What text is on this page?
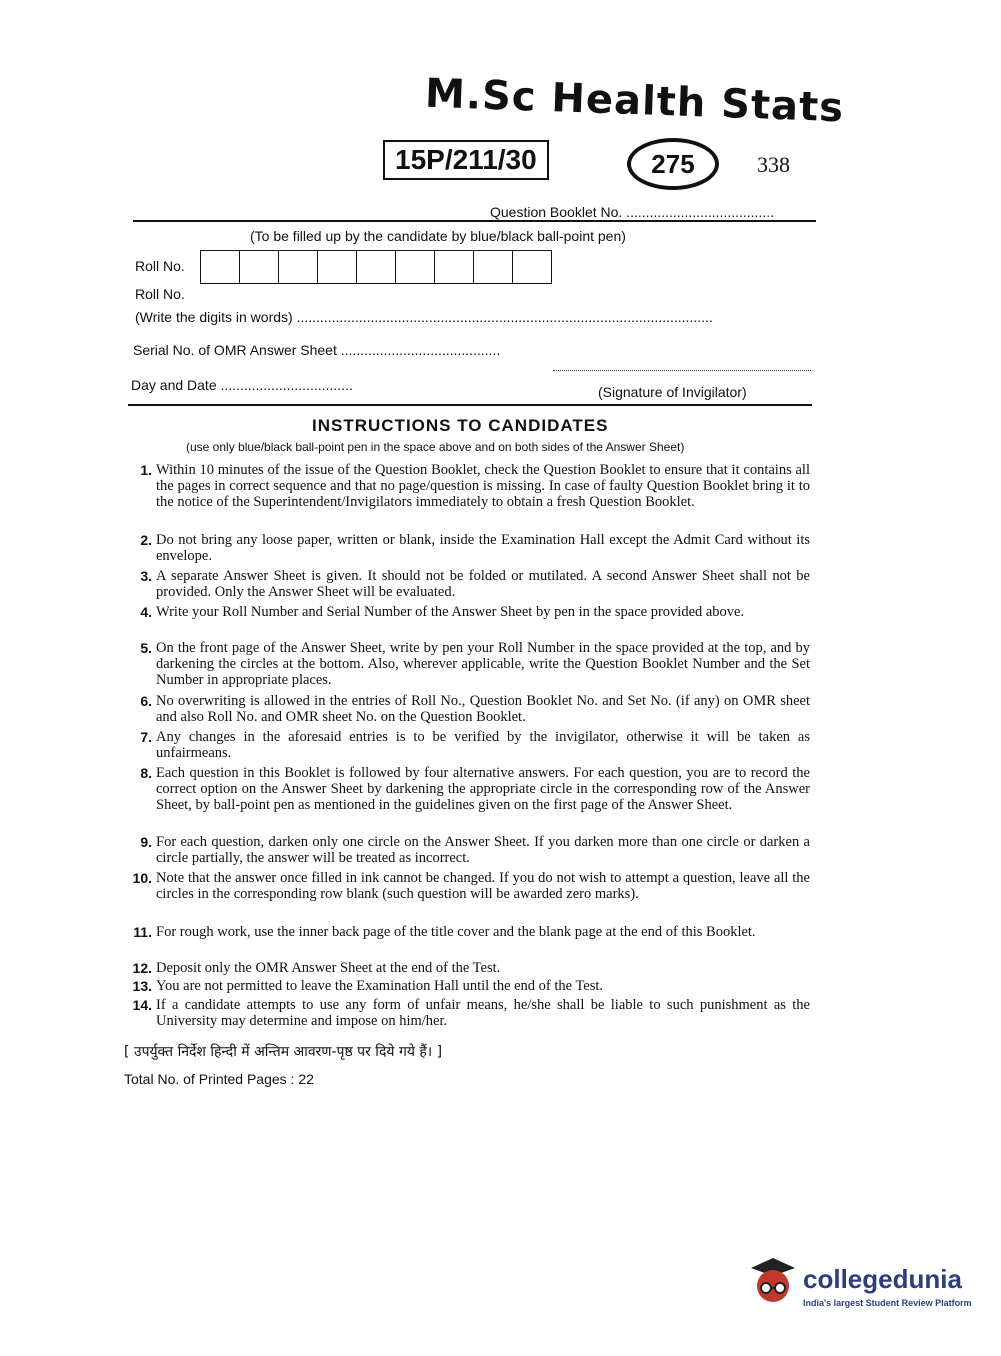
M.Sc Health Stats
15P/211/30	275	338
Question Booklet No. ......................................
(To be filled up by the candidate by blue/black ball-point pen)
Roll No.
Roll No.
(Write the digits in words) ...........................................................................................................
Serial No. of OMR Answer Sheet .........................................
Day and Date ..................................	(Signature of Invigilator)
INSTRUCTIONS TO CANDIDATES
(use only blue/black ball-point pen in the space above and on both sides of the Answer Sheet)
1. Within 10 minutes of the issue of the Question Booklet, check the Question Booklet to ensure that it contains all the pages in correct sequence and that no page/question is missing. In case of faulty Question Booklet bring it to the notice of the Superintendent/Invigilators immediately to obtain a fresh Question Booklet.
2. Do not bring any loose paper, written or blank, inside the Examination Hall except the Admit Card without its envelope.
3. A separate Answer Sheet is given. It should not be folded or mutilated. A second Answer Sheet shall not be provided. Only the Answer Sheet will be evaluated.
4. Write your Roll Number and Serial Number of the Answer Sheet by pen in the space provided above.
5. On the front page of the Answer Sheet, write by pen your Roll Number in the space provided at the top, and by darkening the circles at the bottom. Also, wherever applicable, write the Question Booklet Number and the Set Number in appropriate places.
6. No overwriting is allowed in the entries of Roll No., Question Booklet No. and Set No. (if any) on OMR sheet and also Roll No. and OMR sheet No. on the Question Booklet.
7. Any changes in the aforesaid entries is to be verified by the invigilator, otherwise it will be taken as unfairmeans.
8. Each question in this Booklet is followed by four alternative answers. For each question, you are to record the correct option on the Answer Sheet by darkening the appropriate circle in the corresponding row of the Answer Sheet, by ball-point pen as mentioned in the guidelines given on the first page of the Answer Sheet.
9. For each question, darken only one circle on the Answer Sheet. If you darken more than one circle or darken a circle partially, the answer will be treated as incorrect.
10. Note that the answer once filled in ink cannot be changed. If you do not wish to attempt a question, leave all the circles in the corresponding row blank (such question will be awarded zero marks).
11. For rough work, use the inner back page of the title cover and the blank page at the end of this Booklet.
12. Deposit only the OMR Answer Sheet at the end of the Test.
13. You are not permitted to leave the Examination Hall until the end of the Test.
14. If a candidate attempts to use any form of unfair means, he/she shall be liable to such punishment as the University may determine and impose on him/her.
[ उपर्युक्त निर्देश हिन्दी में अन्तिम आवरण-पृष्ठ पर दिये गये हैं। ]
Total No. of Printed Pages : 22
collegedunia
India's largest Student Review Platform
